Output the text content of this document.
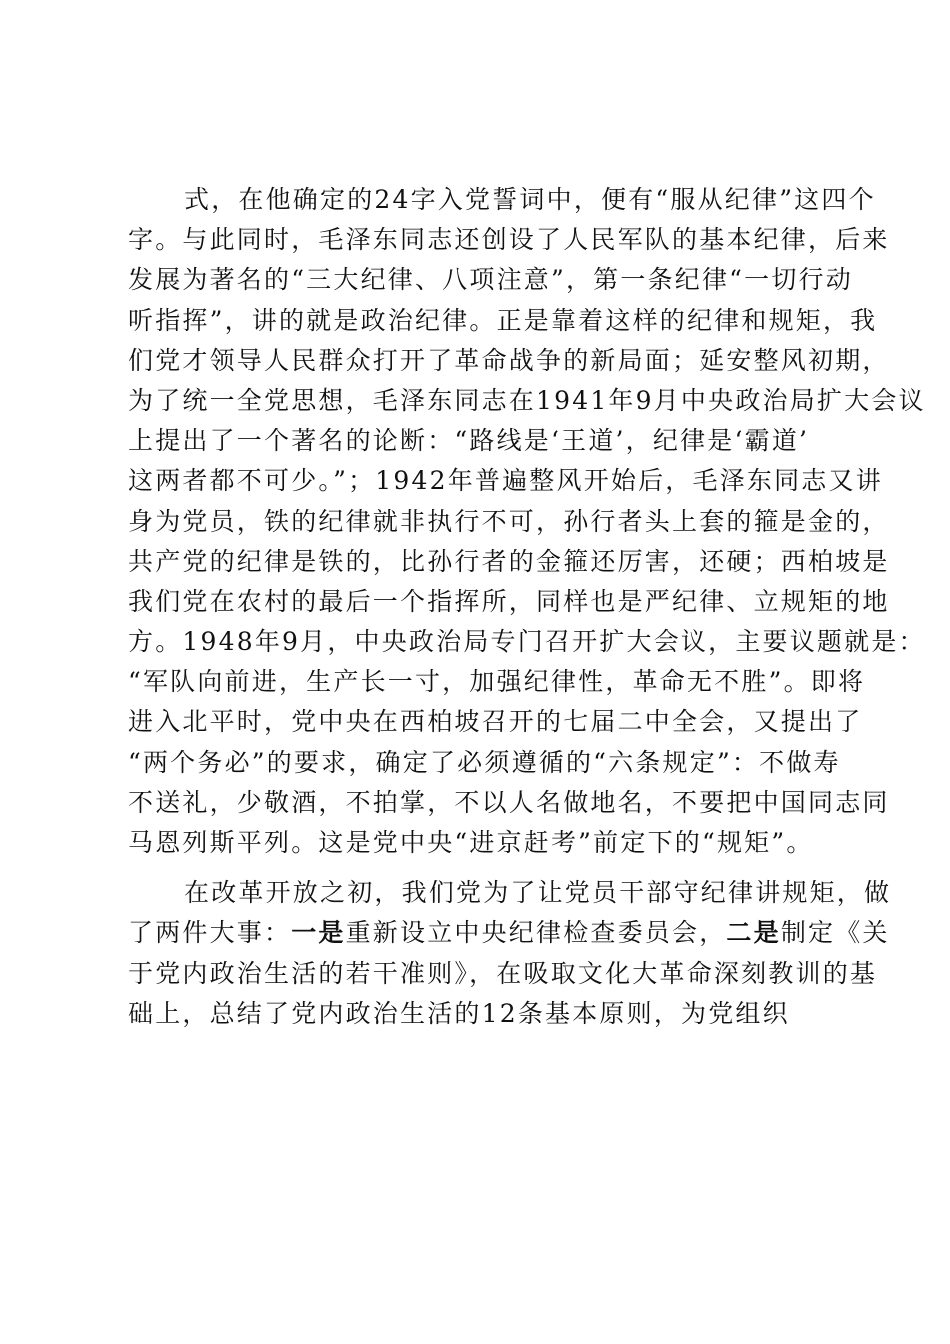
式，在他确定的24字入党誓词中，便有“服从纪律”这四个
字。与此同时，毛泽东同志还创设了人民军队的基本纪律，后来
发展为著名的“三大纪律、八项注意”，第一条纪律“一切行动
听指挥”，讲的就是政治纪律。正是靠着这样的纪律和规矩，我
们党才领导人民群众打开了革命战争的新局面；延安整风初期，
为了统一全党思想，毛泽东同志在1941年9月中央政治局扩大会议
上提出了一个著名的论断：“路线是‘王道’，纪律是‘霸道’
这两者都不可少。”；1942年普遍整风开始后，毛泽东同志又讲
身为党员，铁的纪律就非执行不可，孙行者头上套的箍是金的，
共产党的纪律是铁的，比孙行者的金箍还厉害，还硬；西柏坡是
我们党在农村的最后一个指挥所，同样也是严纪律、立规矩的地
方。1948年9月，中央政治局专门召开扩大会议，主要议题就是：
“军队向前进，生产长一寸，加强纪律性，革命无不胜”。即将
进入北平时，党中央在西柏坡召开的七届二中全会，又提出了
“两个务必”的要求，确定了必须遵循的“六条规定”：不做寿
不送礼，少敬酒，不拍掌，不以人名做地名，不要把中国同志同
马恩列斯平列。这是党中央“进京赶考”前定下的“规矩”。
在改革开放之初，我们党为了让党员干部守纪律讲规矩，做
了两件大事：一是重新设立中央纪律检查委员会，二是制定《关
于党内政治生活的若干准则》，在吸取文化大革命深刻教训的基
础上，总结了党内政治生活的12条基本原则，为党组织
